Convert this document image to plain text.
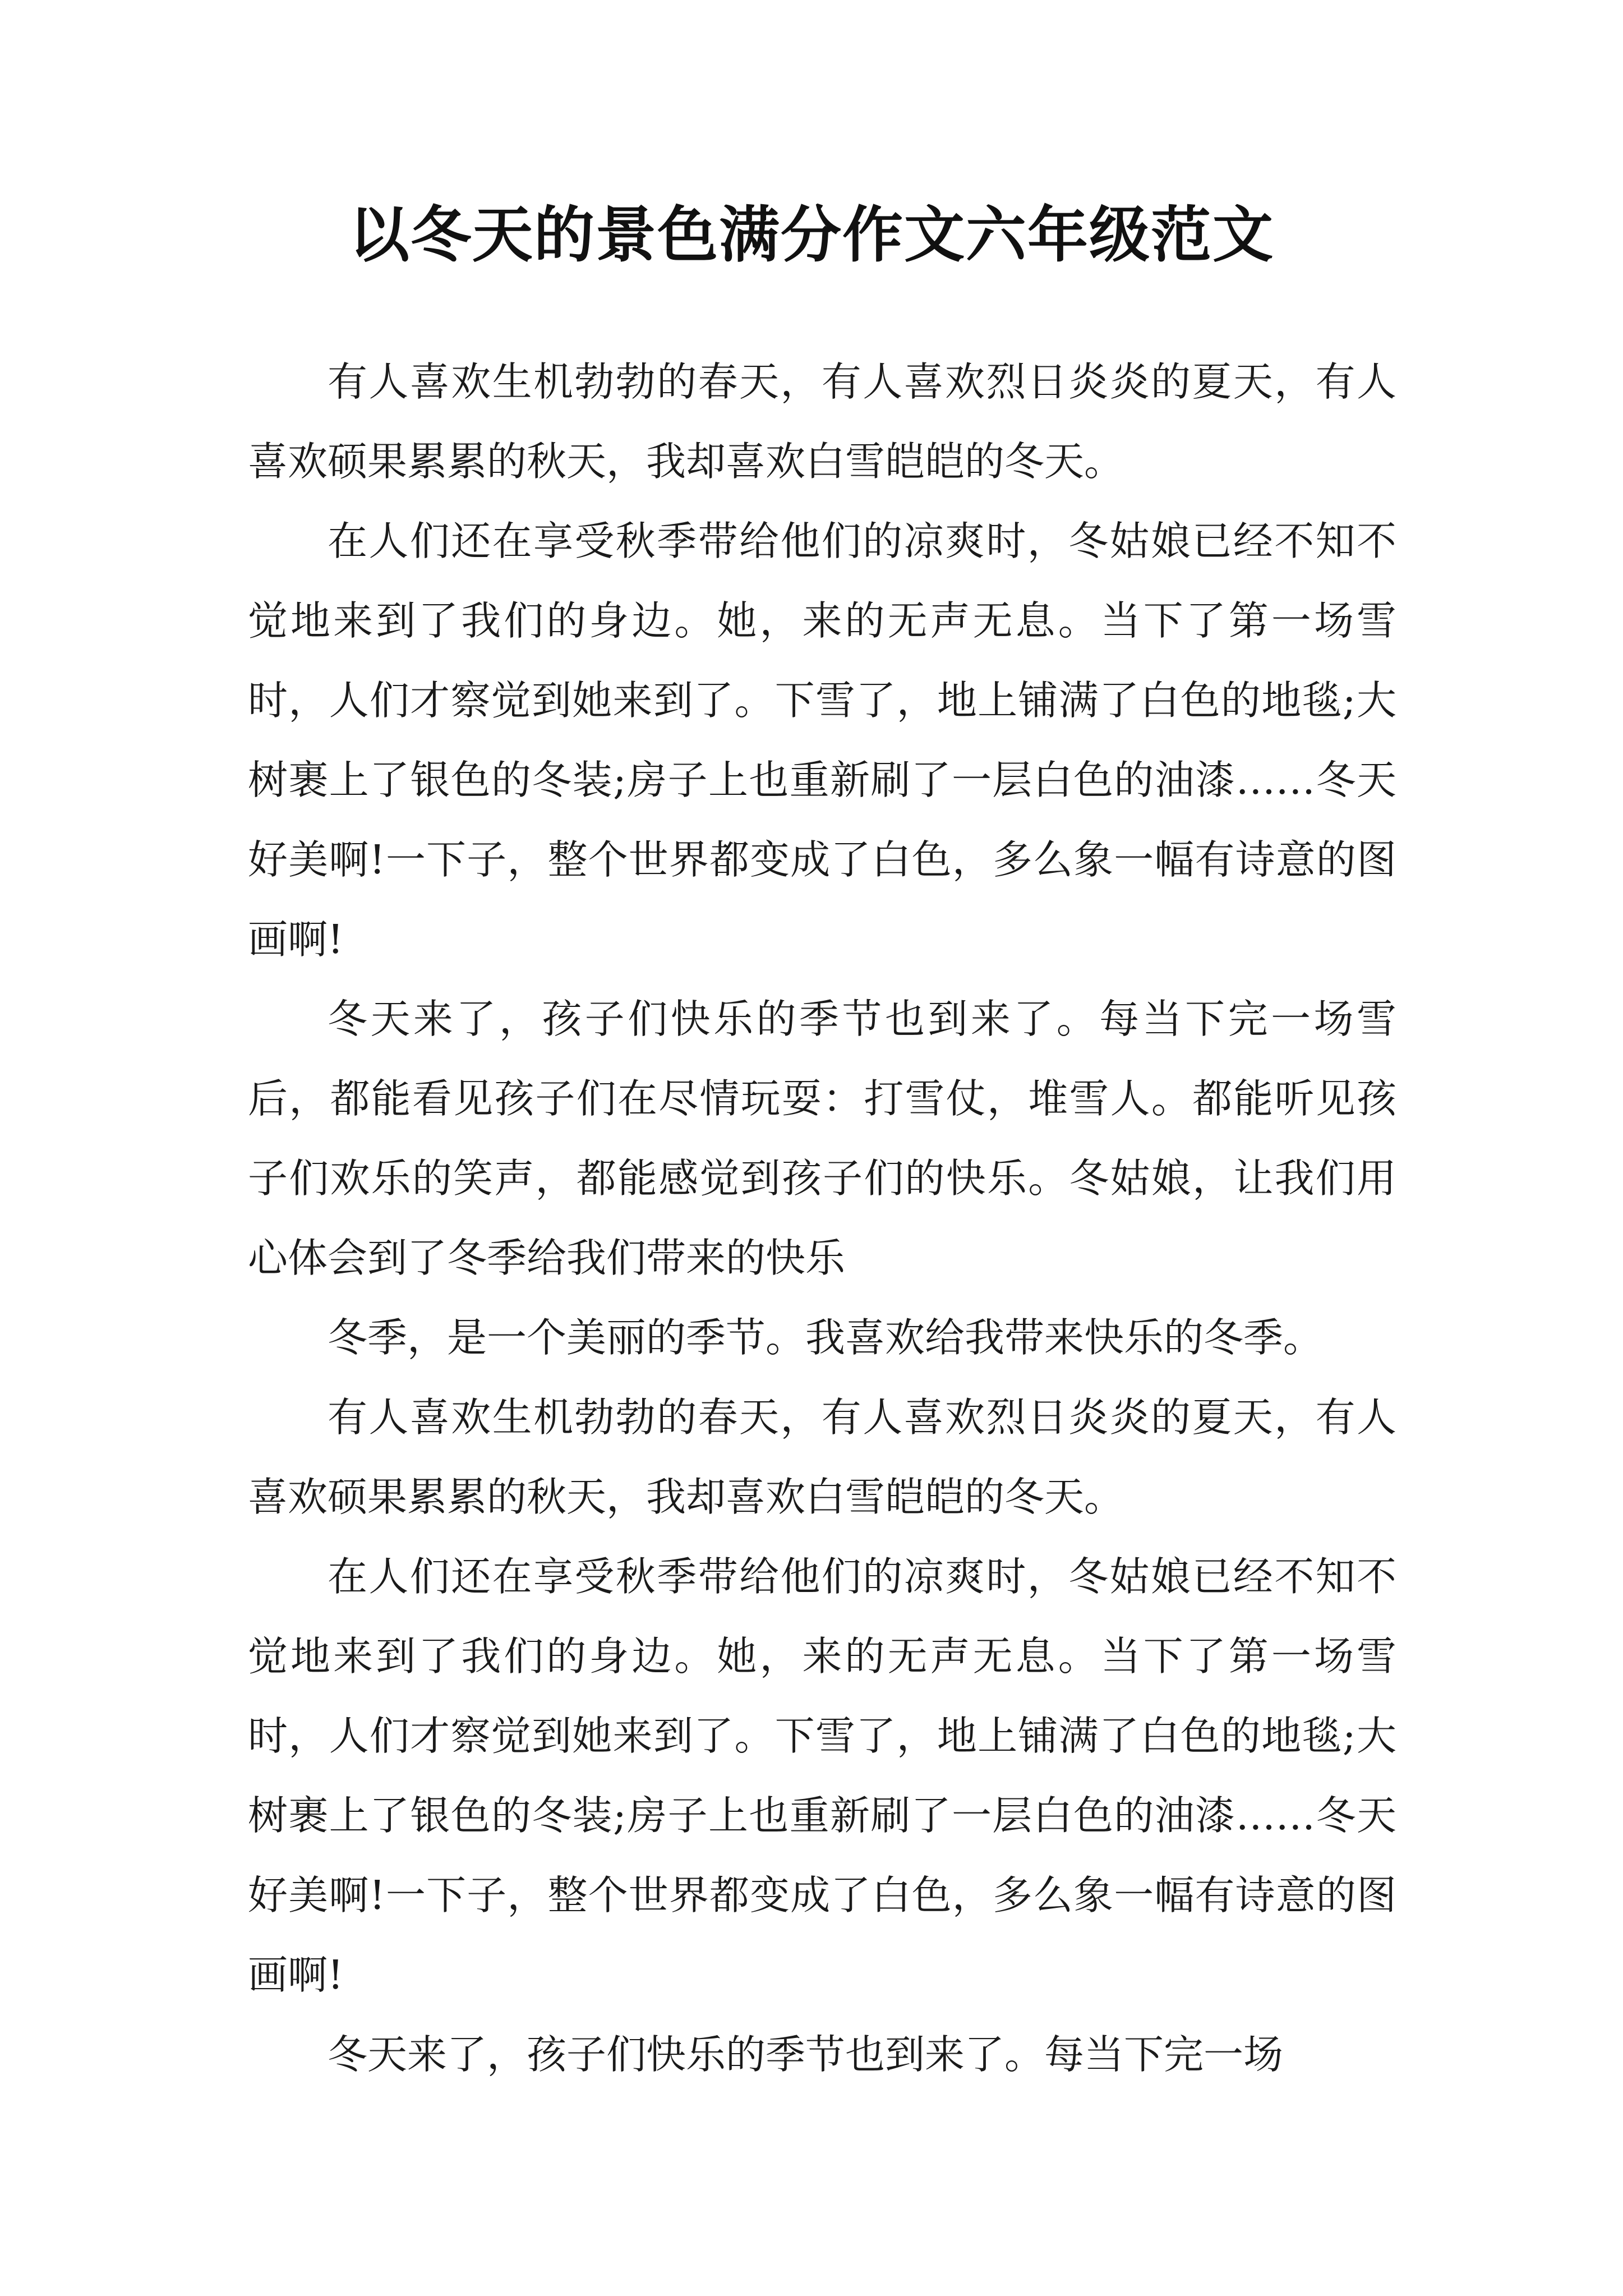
以冬天的景色满分作文六年级范文

有人喜欢生机勃勃的春天，有人喜欢烈日炎炎的夏天，有人喜欢硕果累累的秋天，我却喜欢白雪皑皑的冬天。

在人们还在享受秋季带给他们的凉爽时，冬姑娘已经不知不觉地来到了我们的身边。她，来的无声无息。当下了第一场雪时，人们才察觉到她来到了。下雪了，地上铺满了白色的地毯;大树裹上了银色的冬装;房子上也重新刷了一层白色的油漆……冬天好美啊!一下子，整个世界都变成了白色，多么象一幅有诗意的图画啊!

冬天来了，孩子们快乐的季节也到来了。每当下完一场雪后，都能看见孩子们在尽情玩耍：打雪仗，堆雪人。都能听见孩子们欢乐的笑声，都能感觉到孩子们的快乐。冬姑娘，让我们用心体会到了冬季给我们带来的快乐

冬季，是一个美丽的季节。我喜欢给我带来快乐的冬季。

有人喜欢生机勃勃的春天，有人喜欢烈日炎炎的夏天，有人喜欢硕果累累的秋天，我却喜欢白雪皑皑的冬天。

在人们还在享受秋季带给他们的凉爽时，冬姑娘已经不知不觉地来到了我们的身边。她，来的无声无息。当下了第一场雪时，人们才察觉到她来到了。下雪了，地上铺满了白色的地毯;大树裹上了银色的冬装;房子上也重新刷了一层白色的油漆……冬天好美啊!一下子，整个世界都变成了白色，多么象一幅有诗意的图画啊!

冬天来了，孩子们快乐的季节也到来了。每当下完一场
